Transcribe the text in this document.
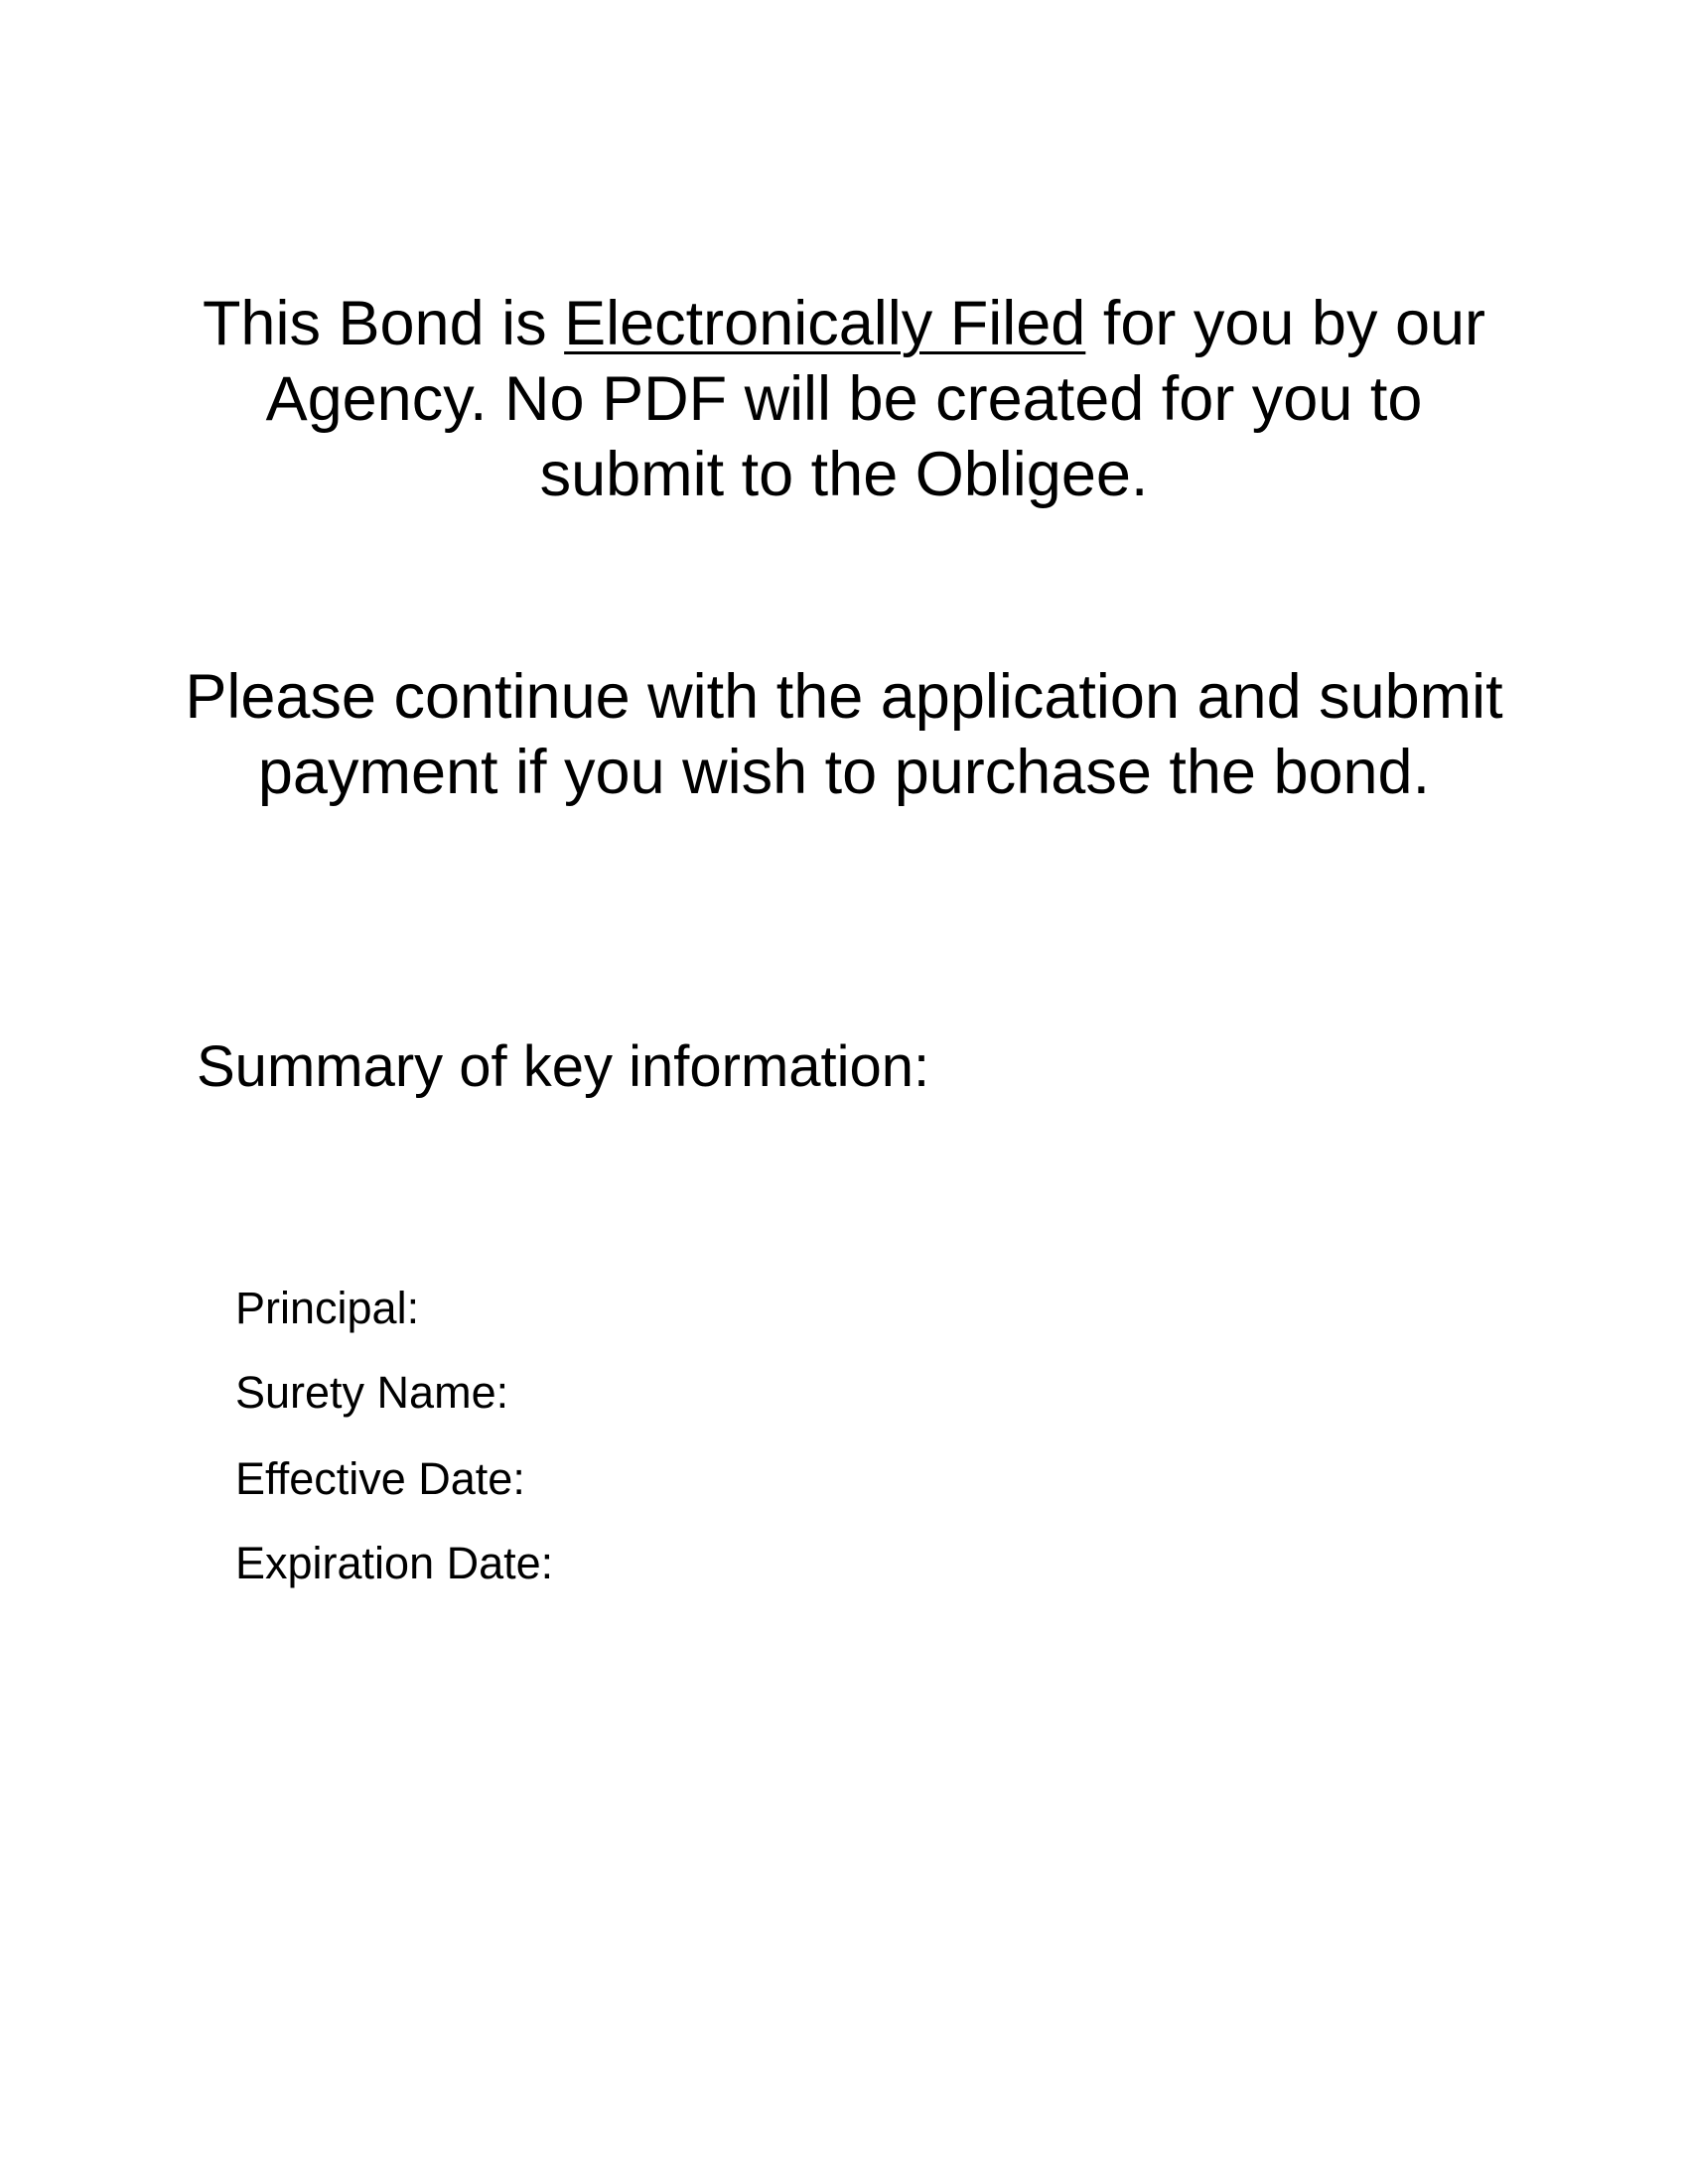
This Bond is Electronically Filed for you by our Agency. No PDF will be created for you to submit to the Obligee.

Please continue with the application and submit payment if you wish to purchase the bond.

Summary of key information:
Principal:
Surety Name:
Effective Date:
Expiration Date:
